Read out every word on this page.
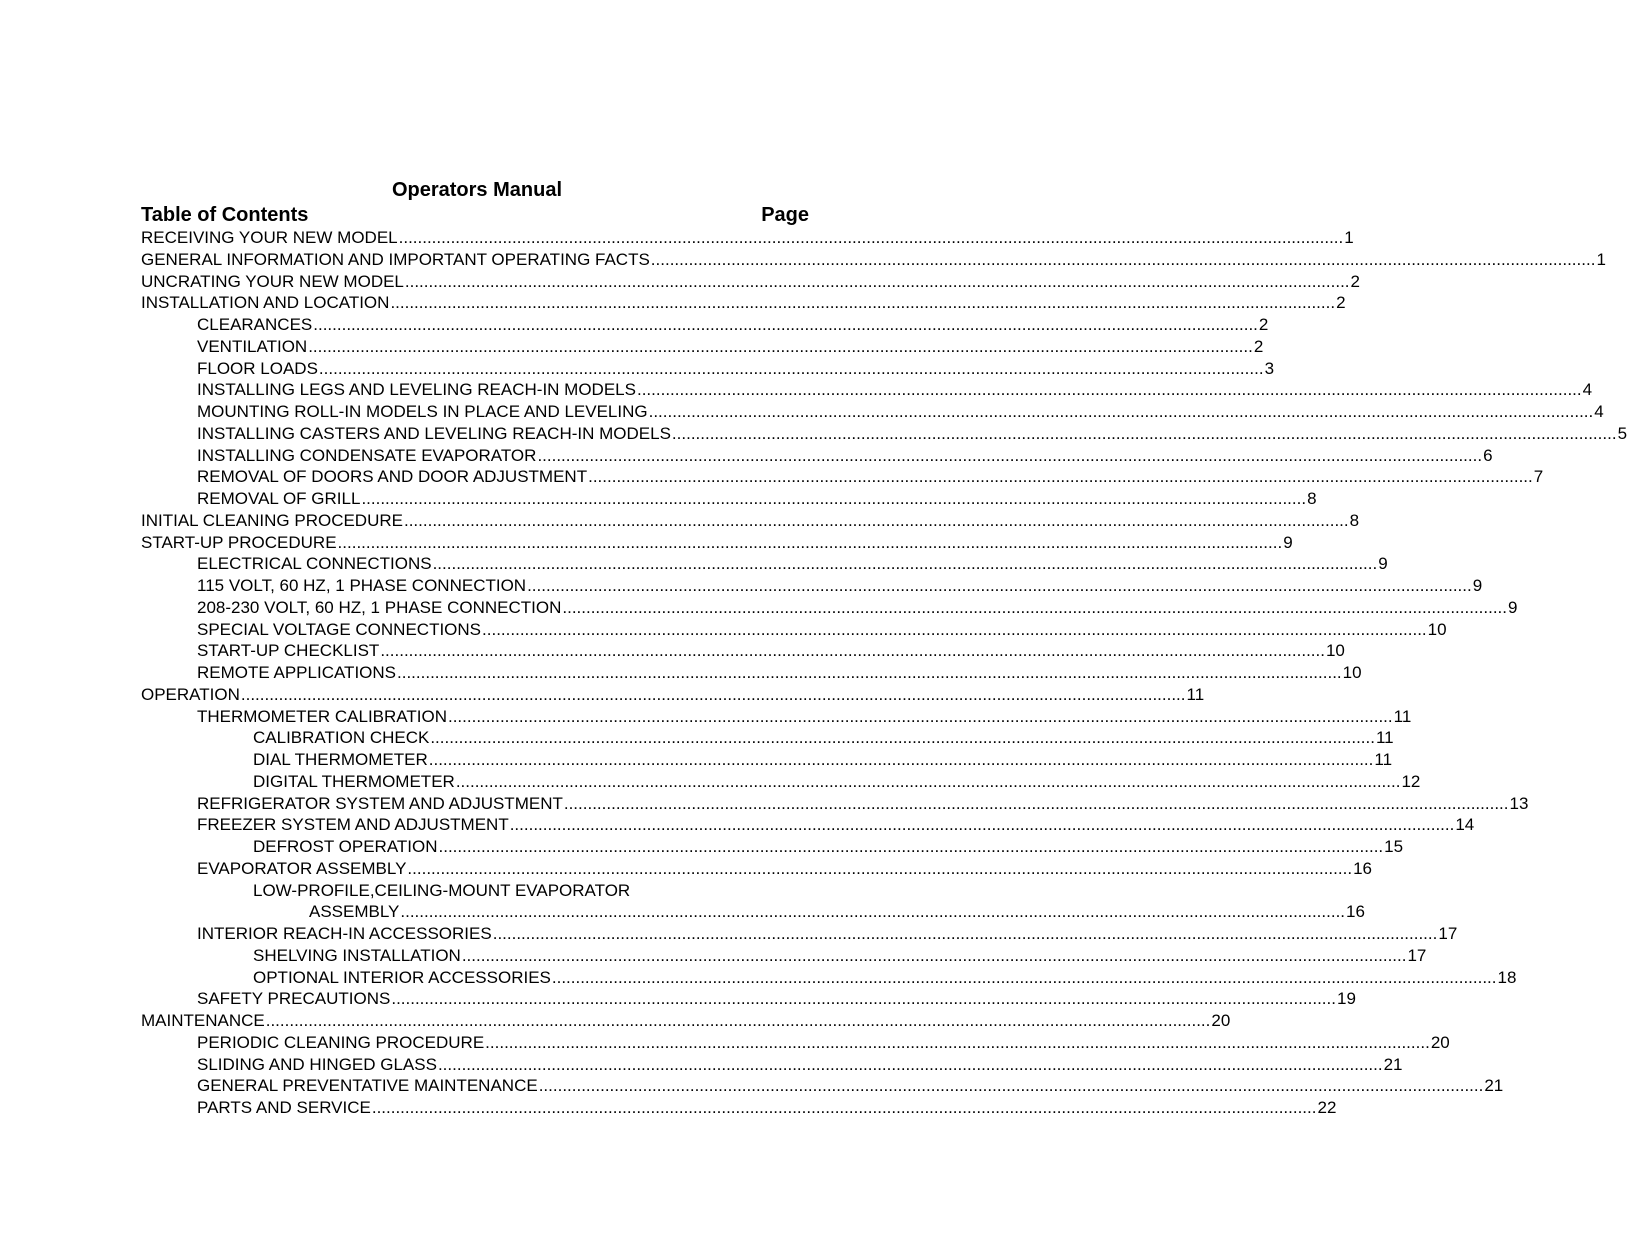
Operators Manual
Table of Contents	Page
RECEIVING YOUR NEW MODEL ........................................................................................................................................................................................................ 1
GENERAL INFORMATION AND IMPORTANT OPERATING FACTS ........................................................................................................................................................................................................ 1
UNCRATING YOUR NEW MODEL ........................................................................................................................................................................................................ 2
INSTALLATION AND LOCATION ........................................................................................................................................................................................................ 2
CLEARANCES ........................................................................................................................................................................................................ 2
VENTILATION ........................................................................................................................................................................................................ 2
FLOOR LOADS ........................................................................................................................................................................................................ 3
INSTALLING LEGS AND LEVELING REACH-IN MODELS ........................................................................................................................................................................................................ 4
MOUNTING ROLL-IN MODELS IN PLACE AND LEVELING ........................................................................................................................................................................................................ 4
INSTALLING CASTERS AND LEVELING REACH-IN MODELS ........................................................................................................................................................................................................ 5
INSTALLING CONDENSATE EVAPORATOR ........................................................................................................................................................................................................ 6
REMOVAL OF DOORS AND DOOR ADJUSTMENT ........................................................................................................................................................................................................ 7
REMOVAL OF GRILL ........................................................................................................................................................................................................ 8
INITIAL CLEANING PROCEDURE ........................................................................................................................................................................................................ 8
START-UP PROCEDURE ........................................................................................................................................................................................................ 9
ELECTRICAL CONNECTIONS ........................................................................................................................................................................................................ 9
115 VOLT, 60 HZ, 1 PHASE CONNECTION ........................................................................................................................................................................................................ 9
208-230 VOLT, 60 HZ, 1 PHASE CONNECTION ........................................................................................................................................................................................................ 9
SPECIAL VOLTAGE CONNECTIONS ........................................................................................................................................................................................................ 10
START-UP CHECKLIST ........................................................................................................................................................................................................ 10
REMOTE APPLICATIONS ........................................................................................................................................................................................................ 10
OPERATION ........................................................................................................................................................................................................ 11
THERMOMETER CALIBRATION ........................................................................................................................................................................................................ 11
CALIBRATION CHECK ........................................................................................................................................................................................................ 11
DIAL THERMOMETER ........................................................................................................................................................................................................ 11
DIGITAL THERMOMETER ........................................................................................................................................................................................................ 12
REFRIGERATOR SYSTEM AND ADJUSTMENT ........................................................................................................................................................................................................ 13
FREEZER SYSTEM AND ADJUSTMENT ........................................................................................................................................................................................................ 14
DEFROST OPERATION ........................................................................................................................................................................................................ 15
EVAPORATOR ASSEMBLY ........................................................................................................................................................................................................ 16
LOW-PROFILE,CEILING-MOUNT EVAPORATOR
ASSEMBLY ........................................................................................................................................................................................................ 16
INTERIOR REACH-IN ACCESSORIES ........................................................................................................................................................................................................ 17
SHELVING INSTALLATION ........................................................................................................................................................................................................ 17
OPTIONAL INTERIOR ACCESSORIES ........................................................................................................................................................................................................ 18
SAFETY PRECAUTIONS ........................................................................................................................................................................................................ 19
MAINTENANCE ........................................................................................................................................................................................................ 20
PERIODIC CLEANING PROCEDURE ........................................................................................................................................................................................................ 20
SLIDING AND HINGED GLASS ........................................................................................................................................................................................................ 21
GENERAL PREVENTATIVE MAINTENANCE ........................................................................................................................................................................................................ 21
PARTS AND SERVICE ........................................................................................................................................................................................................ 22
